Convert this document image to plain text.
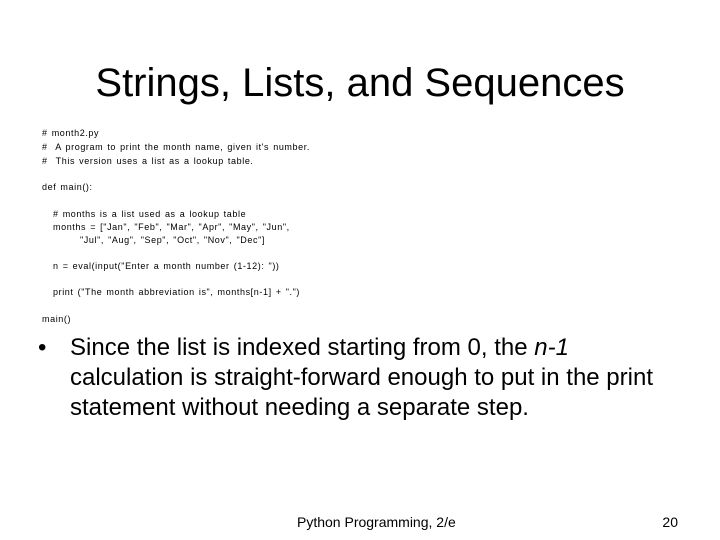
Strings, Lists, and Sequences
# month2.py
#  A program to print the month name, given it's number.
#  This version uses a list as a lookup table.
def main():
# months is a list used as a lookup table
months = ["Jan", "Feb", "Mar", "Apr", "May", "Jun",
"Jul", "Aug", "Sep", "Oct", "Nov", "Dec"]
n = eval(input("Enter a month number (1-12): "))
print ("The month abbreviation is", months[n-1] + ".")
main()
• Since the list is indexed starting from 0, the n-1 calculation is straight-forward enough to put in the print statement without needing a separate step.
Python Programming, 2/e	20
